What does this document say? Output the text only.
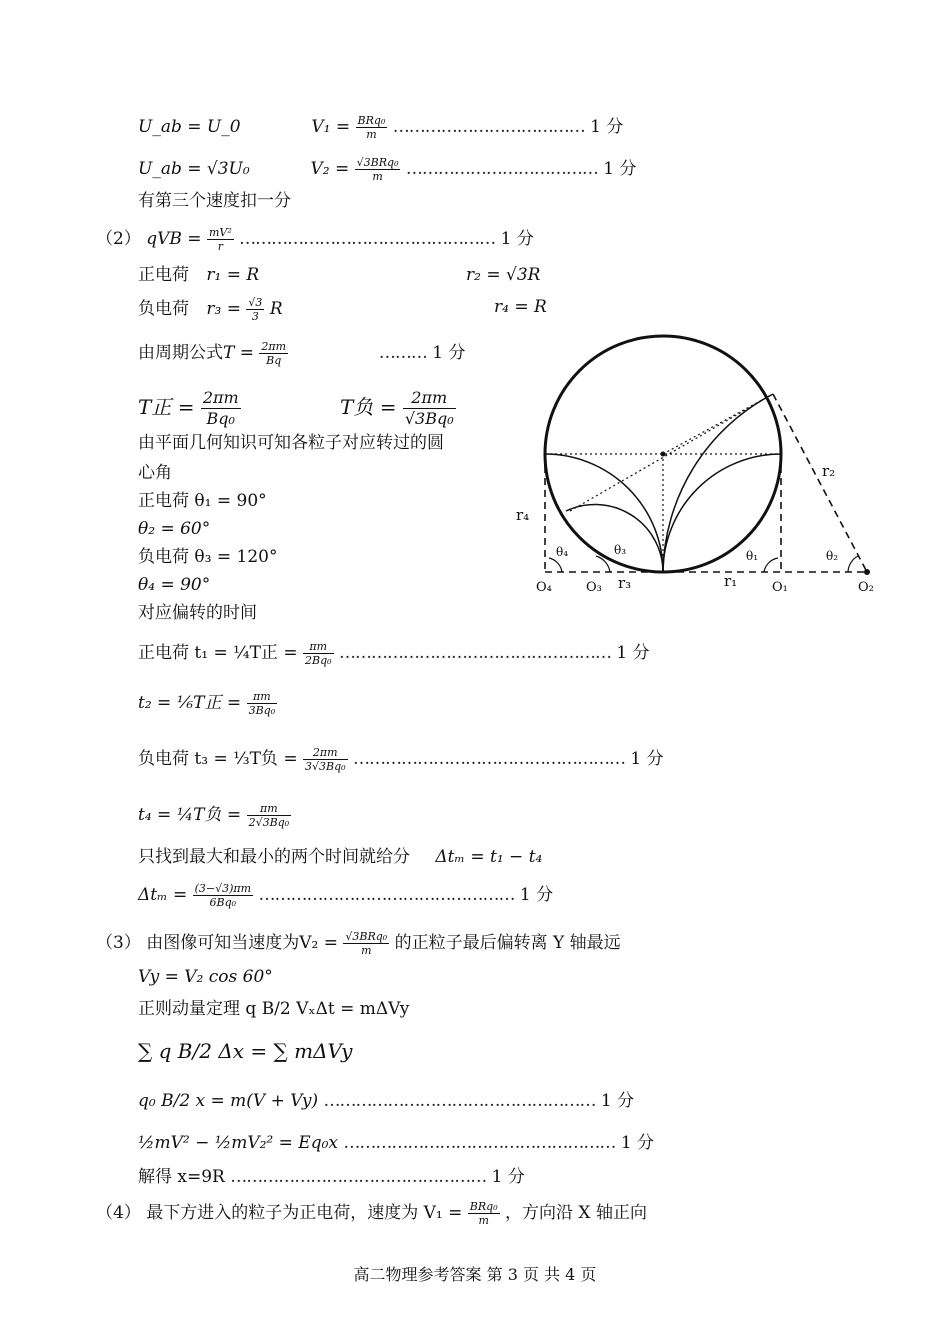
U_ab = U_0	V₁ = BRq₀
m ……………………………… 1 分
U_ab = √3U₀	V₂ = √3BRq₀
m	……………………………… 1 分
有第三个速度扣一分
（2） qVB = $\frac{\text{mV²}}{r}$ ………………………………………… 1 分
正电荷 r₁ = R	r₂ = √3R
负电荷 $r_3 = \frac{√3}{3}$ R	r₄ = R
由周期公式$T = \frac{2\pi m}{Bq}$	……… 1 分
T正 = $\frac{2\pi m}{\text{Bq₀}}$	T负 = $\frac{2\pi m}{\text{√3Bq₀}}$
由平面几何知识可知各粒子对应转过的圆
心角
正电荷 θ₁ = 90°
θ₂ = 60°
负电荷 θ₃ = 120°
θ₄ = 90°
对应偏转的时间
正电荷 t₁ = ¼T正 = $\frac{\pi m}{\text{2Bq₀}}$ …………………………………………… 1 分
t₂ = ⅙T正 = $\frac{\pi m}{\text{3Bq₀}}$
负电荷 t₃ = ⅓T负 = $\frac{2\pi m}{\text{3√3Bq₀}}$ …………………………………………… 1 分
t₄ = ¼T负 = $\frac{\pi m}{\text{2√3Bq₀}}$
只找到最大和最小的两个时间就给分 Δtₘ = t₁ − t₄
$\Delta t_m = \frac{(3-√3)\pi m}{\text{6Bq₀}}$ ………………………………………… 1 分
（3） 由图像可知当速度为V₂ = √3BRq₀
m	的正粒子最后偏转离 Y 轴最远
Vy = V₂ cos 60°
正则动量定理 q B/2 VₓΔt = mΔVy
∑ q B/2 Δx = ∑ mΔVy
q₀ B/2 x = m(V + Vy) …………………………………………… 1 分
½mV² − ½mV₂² = Eq₀x …………………………………………… 1 分
解得 x=9R ………………………………………… 1 分
（4） 最下方进入的粒子为正电荷，速度为 V₁ = BRq₀
m ，方向沿 X 轴正向
r₂
r₄
r₃	r₁
θ₁	θ₂
θ₃
θ₄
O₄	O₃	O₁	O₂
高二物理参考答案 第 3 页 共 4 页
